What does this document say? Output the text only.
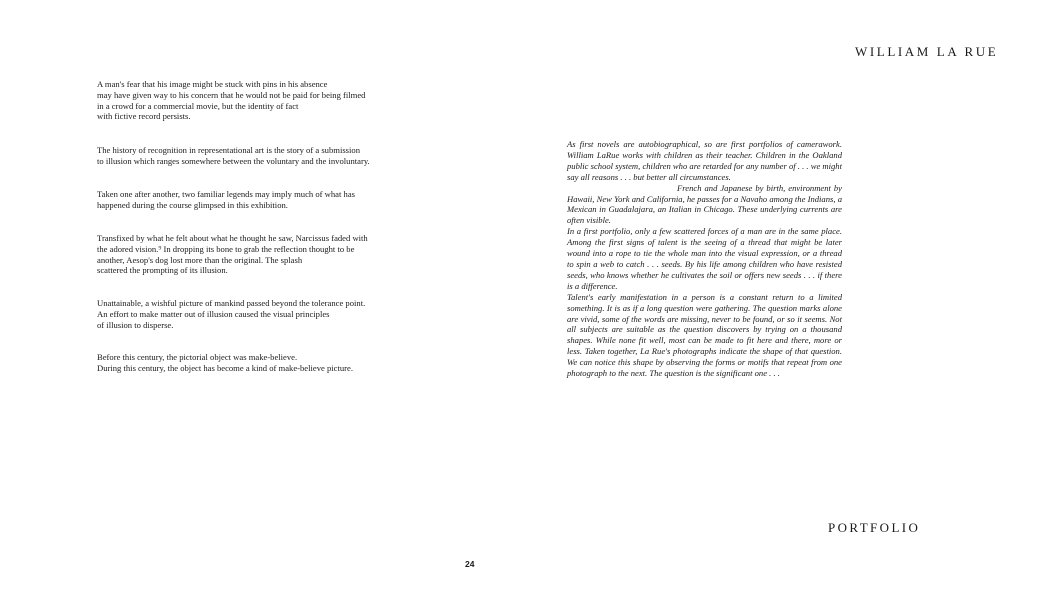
WILLIAM LA RUE

A man's fear that his image might be stuck with pins in his absence
may have given way to his concern that he would not be paid for being filmed
in a crowd for a commercial movie, but the identity of fact
with fictive record persists.

The history of recognition in representational art is the story of a submission
to illusion which ranges somewhere between the voluntary and the involuntary.

Taken one after another, two familiar legends may imply much of what has
happened during the course glimpsed in this exhibition.

Transfixed by what he felt about what he thought he saw, Narcissus faded with
the adored vision.⁹ In dropping its bone to grab the reflection thought to be
another, Aesop's dog lost more than the original. The splash
scattered the prompting of its illusion.

Unattainable, a wishful picture of mankind passed beyond the tolerance point.
An effort to make matter out of illusion caused the visual principles
of illusion to disperse.

Before this century, the pictorial object was make-believe.
During this century, the object has become a kind of make-believe picture.

As first novels are autobiographical, so are first portfolios of camerawork. William LaRue works with children as their teacher. Children in the Oakland public school system, children who are retarded for any number of . . . we might say all reasons . . . but better all circumstances.

French and Japanese by birth, environment by Hawaii, New York and California, he passes for a Navaho among the Indians, a Mexican in Guadalajara, an Italian in Chicago. These underlying currents are often visible.

In a first portfolio, only a few scattered forces of a man are in the same place. Among the first signs of talent is the seeing of a thread that might be later wound into a rope to tie the whole man into the visual expression, or a thread to spin a web to catch . . . seeds. By his life among children who have resisted seeds, who knows whether he cultivates the soil or offers new seeds . . . if there is a difference.

Talent's early manifestation in a person is a constant return to a limited something. It is as if a long question were gathering. The question marks alone are vivid, some of the words are missing, never to be found, or so it seems. Not all subjects are suitable as the question discovers by trying on a thousand shapes. While none fit well, most can be made to fit here and there, more or less. Taken together, La Rue's photographs indicate the shape of that question. We can notice this shape by observing the forms or motifs that repeat from one photograph to the next. The question is the significant one . . .

PORTFOLIO
24
